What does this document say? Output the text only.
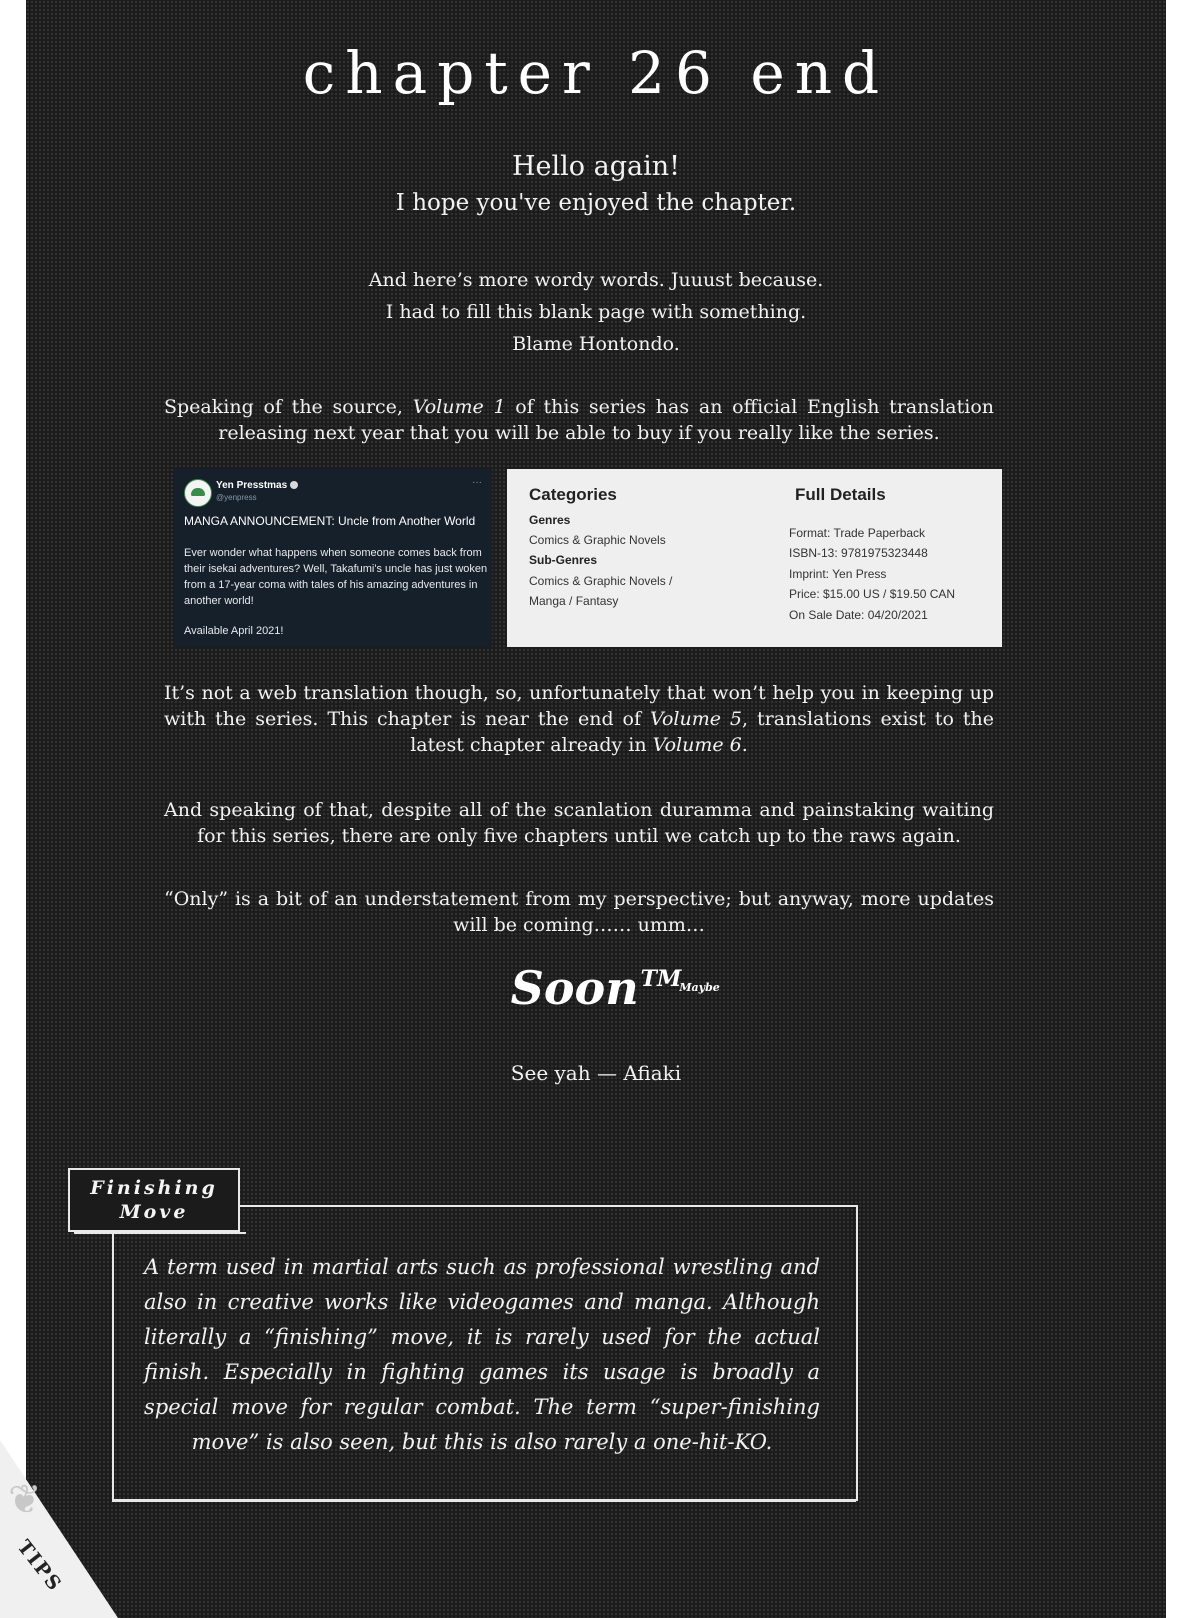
chapter 26 end
Hello again!
I hope you've enjoyed the chapter.
And here’s more wordy words. Juuust because.
I had to fill this blank page with something.
Blame Hontondo.
Speaking of the source, Volume 1 of this series has an official English translation releasing next year that you will be able to buy if you really like the series.
Yen Presstmas
@yenpress
···
MANGA ANNOUNCEMENT: Uncle from Another World
Ever wonder what happens when someone comes back from their isekai adventures? Well, Takafumi's uncle has just woken from a 17-year coma with tales of his amazing adventures in another world!
Available April 2021!
Categories
Genres
Comics & Graphic Novels
Sub-Genres
Comics & Graphic Novels /
Manga / Fantasy
Full Details
Format: Trade Paperback
ISBN-13: 9781975323448
Imprint: Yen Press
Price: $15.00 US / $19.50 CAN
On Sale Date: 04/20/2021
It’s not a web translation though, so, unfortunately that won’t help you in keeping up with the series. This chapter is near the end of Volume 5, translations exist to the latest chapter already in Volume 6.
And speaking of that, despite all of the scanlation duramma and painstaking waiting for this series, there are only five chapters until we catch up to the raws again.
“Only” is a bit of an understatement from my perspective; but anyway, more updates will be coming…… umm…
Soon™
Maybe
See yah — Afiaki
Finishing
Move
A term used in martial arts such as professional wrestling and also in creative works like videogames and manga. Although literally a “finishing” move, it is rarely used for the actual finish. Especially in fighting games its usage is broadly a special move for regular combat. The term “super-finishing move” is also seen, but this is also rarely a one-hit-KO.
❦
TIPS
